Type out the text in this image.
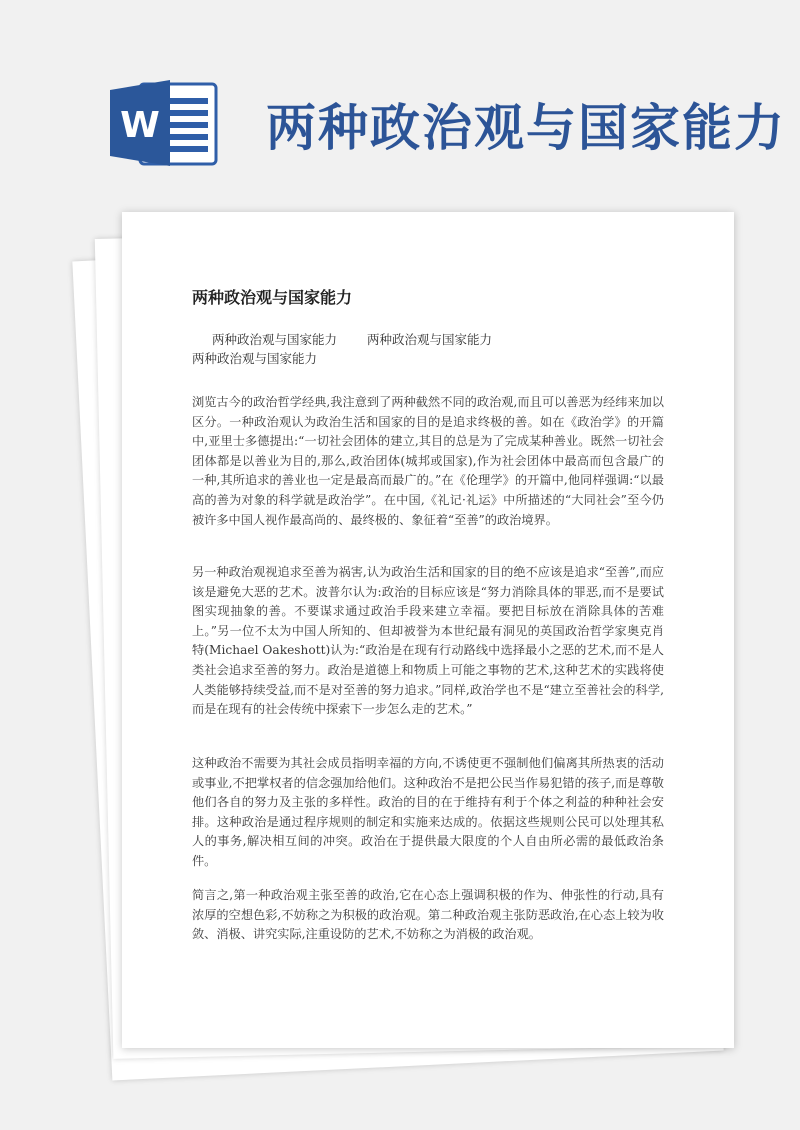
W 两种政治观与国家能力
两种政治观与国家能力
两种政治观与国家能力 两种政治观与国家能力
两种政治观与国家能力

浏览古今的政治哲学经典,我注意到了两种截然不同的政治观,而且可以善恶为经纬来加以区分。一种政治观认为政治生活和国家的目的是追求终极的善。如在《政治学》的开篇中,亚里士多德提出:“一切社会团体的建立,其目的总是为了完成某种善业。既然一切社会团体都是以善业为目的,那么,政治团体(城邦或国家),作为社会团体中最高而包含最广的一种,其所追求的善业也一定是最高而最广的。”在《伦理学》的开篇中,他同样强调:“以最高的善为对象的科学就是政治学”。在中国,《礼记·礼运》中所描述的“大同社会”至今仍被许多中国人视作最高尚的、最终极的、象征着“至善”的政治境界。

另一种政治观视追求至善为祸害,认为政治生活和国家的目的绝不应该是追求“至善”,而应该是避免大恶的艺术。波普尔认为:政治的目标应该是“努力消除具体的罪恶,而不是要试图实现抽象的善。不要谋求通过政治手段来建立幸福。要把目标放在消除具体的苦难上。”另一位不太为中国人所知的、但却被誉为本世纪最有洞见的英国政治哲学家奥克肖特(Michael Oakeshott)认为:“政治是在现有行动路线中选择最小之恶的艺术,而不是人类社会追求至善的努力。政治是道德上和物质上可能之事物的艺术,这种艺术的实践将使人类能够持续受益,而不是对至善的努力追求。”同样,政治学也不是“建立至善社会的科学,而是在现有的社会传统中探索下一步怎么走的艺术。”

这种政治不需要为其社会成员指明幸福的方向,不诱使更不强制他们偏离其所热衷的活动或事业,不把掌权者的信念强加给他们。这种政治不是把公民当作易犯错的孩子,而是尊敬他们各自的努力及主张的多样性。政治的目的在于维持有利于个体之利益的种种社会安排。这种政治是通过程序规则的制定和实施来达成的。依据这些规则公民可以处理其私人的事务,解决相互间的冲突。政治在于提供最大限度的个人自由所必需的最低政治条件。

简言之,第一种政治观主张至善的政治,它在心态上强调积极的作为、伸张性的行动,具有浓厚的空想色彩,不妨称之为积极的政治观。第二种政治观主张防恶政治,在心态上较为收敛、消极、讲究实际,注重设防的艺术,不妨称之为消极的政治观。
